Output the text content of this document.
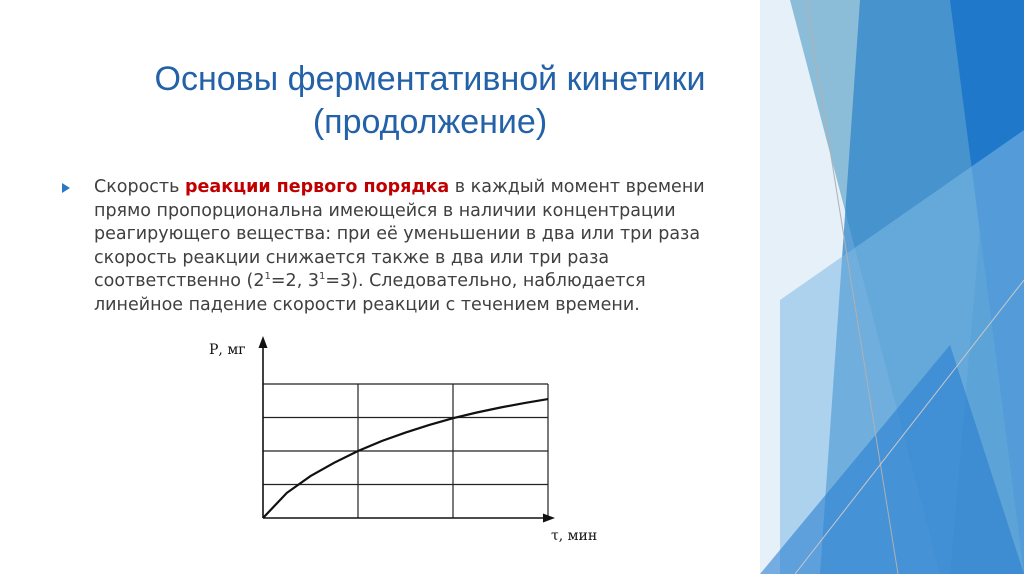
Основы ферментативной кинетики
(продолжение)
Скорость реакции первого порядка в каждый момент времени прямо пропорциональна имеющейся в наличии концентрации реагирующего вещества: при её уменьшении в два или три раза скорость реакции снижается также в два или три раза соответственно ($2^1=2$, $3^1=3$). Следовательно, наблюдается линейное падение скорости реакции с течением времени.
Р, мг
τ, мин
